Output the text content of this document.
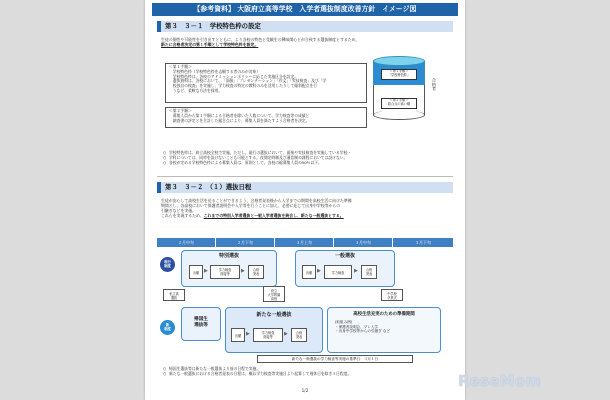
【参考資料】 大阪府立高等学校　入学者選抜制度改善方針　イメージ図
第３　３－１　学校特色枠の設定
生徒の個性や可能性を引き出すとともに、より各校の特色と受験生の興味関心とが合致する選抜制度とするため、
新たに合格者決定の第１手順として学校特色枠を設定。
＜第１手順＞
　学校特色枠（学校特色枠を志願する者のみが対象）
　学校特色枠は、各校のアドミッションポリシーに応じた実施区分を設定。
　選抜資料は、各校において、「面接」「プレゼンテーション」「作文」「実技検査」及び「学
　校独自の検査」を実施し、学力検査の特定の教科のみを活用したりして傾斜配点を行
　うなど、柔軟な方法を採用。
＜第２手順＞
　募集人員から第１手順による合格者を除いた人数について、学力検査等の成績と
　調査書の評定とを合計した総合点により、募集人員を満たすよう合格者を決定。
＜第１手順＞
「学校特色枠」
＜第２手順＞
総合点の高い順
合格者
○ 学校特色枠は、府立高校全校で実施。ただし、現行の選抜において、面接や実技検査を実施している学校・
○ 学科については、同枠を設けないことも可能とする。夜間定時制及び通信制の課程においては設けない。
○ 各校が定める学校特色枠による募集人員は、原則として、各校の総募集人員の50％以下。
第３　３－２　（１）選抜日程
生徒が安心して高校生活を送ることができるよう、合格者発表後から入学までの期間を高校生活に向けた準備
期間とし、各高校において保護者説明会や入学等を行うことに加え、必要に応じて出身中学校等からの
引継ぎなどを実施。
これらを実現するため、これまでの特別入学者選抜と一般入学者選抜を統合し、新たな一般選抜とする。
２月中旬	２月下旬	３月上旬	３月中旬	３月下旬
現行
制度
特別選抜
出願 ▶	学力検査
面接等	▶	合格
発表
一般選抜
出願 ▶	学力検査	▶	合格
発表
私立高
選抜
府立
大学附属
高校
中学校
卒業式
新
制度
帰国生
選抜等
新たな一般選抜
出願 ▶	学力検査
面接等	▶	合格
発表
高校生活充実のための準備期間
(取組み例)
・保護者説明会、プレ入学
・出身中学校等からの引継ぎ など
新たな一般選抜の学力検査等実施の基準日：３月１日
○ 帰国生選抜等は新たな一般選抜より前の日程で実施。
○ 新たな一般選抜における合格者発表の日程は、概ね学力検査等実施日より起算して週休日を除き５日程度。
1/2
ReseMom
